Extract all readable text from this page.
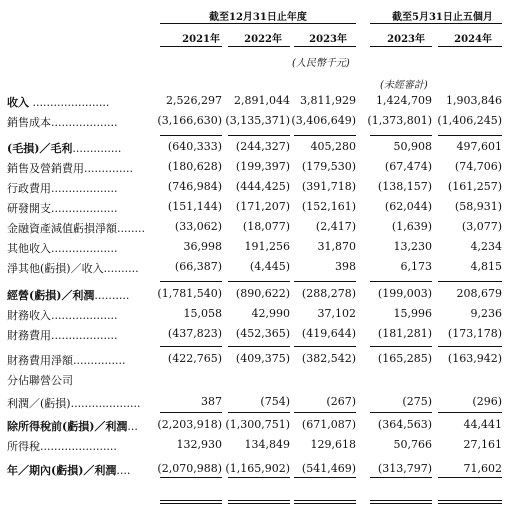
截至12月31日止年度	截至5月31日止五個月
2021年	2022年	2023年	2023年	2024年
(人民幣千元)
(未經審計)
收入 ......................	2,526,297	2,891,044 3,811,929	1,424,709	1,903,846
銷售成本...................	(3,166,630) (3,135,371) (3,406,649)	(1,373,801) (1,406,245)
(毛損)／毛利..............	(640,333)	(244,327)	405,280	50,908	497,601
銷售及營銷費用..............	(180,628)	(199,397)	(179,530)	(67,474)	(74,706)
行政費用...................	(746,984)	(444,425)	(391,718)	(138,157)	(161,257)
研發開支...................	(151,144)	(171,207)	(152,161)	(62,044)	(58,931)
金融資產減值虧損淨額........	(33,062)	(18,077)	(2,417)	(1,639)	(3,077)
其他收入...................	36,998	191,256	31,870	13,230	4,234
淨其他(虧損)／收入..........	(66,387)	(4,445)	398	6,173	4,815
經營(虧損)／利潤..........	(1,781,540)	(890,622)	(288,278)	(199,003)	208,679
財務收入...................	15,058	42,990	37,102	15,996	9,236
財務費用...................	(437,823)	(452,365)	(419,644)	(181,281)	(173,178)
財務費用淨額...............	(422,765)	(409,375)	(382,542)	(165,285)	(163,942)
分佔聯營公司
利潤／(虧損)....................	387	(754)	(267)	(275)	(296)
除所得稅前(虧損)／利潤...	(2,203,918) (1,300,751)	(671,087)	(364,563)	44,441
所得稅......................	132,930	134,849	129,618	50,766	27,161
年／期內(虧損)／利潤....	(2,070,988) (1,165,902)	(541,469)	(313,797)	71,602
